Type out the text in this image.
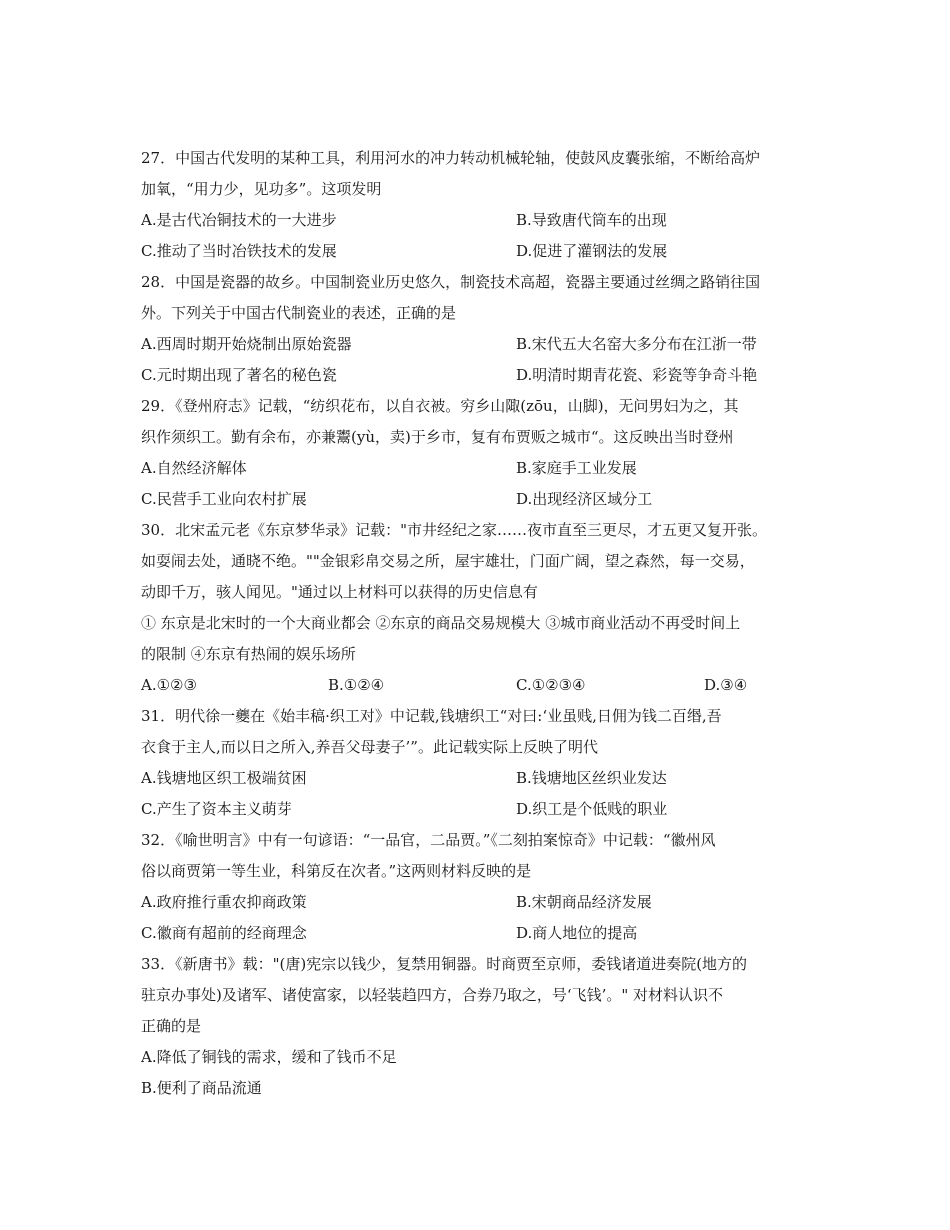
27．中国古代发明的某种工具，利用河水的冲力转动机械轮轴，使鼓风皮囊张缩，不断给高炉
加氧，“用力少，见功多”。这项发明
A.是古代冶铜技术的一大进步	B.导致唐代筒车的出现
C.推动了当时冶铁技术的发展	D.促进了灌钢法的发展
28．中国是瓷器的故乡。中国制瓷业历史悠久，制瓷技术高超，瓷器主要通过丝绸之路销往国
外。下列关于中国古代制瓷业的表述，正确的是
A.西周时期开始烧制出原始瓷器	B.宋代五大名窑大多分布在江浙一带
C.元时期出现了著名的秘色瓷	D.明清时期青花瓷、彩瓷等争奇斗艳
29．《登州府志》记载，“纺织花布，以自衣被。穷乡山陬(zōu，山脚)，无问男妇为之，其
织作须织工。勤有余布，亦兼鬻(yù，卖)于乡市，复有布贾贩之城市“。这反映出当时登州
A.自然经济解体	B.家庭手工业发展
C.民营手工业向农村扩展	D.出现经济区域分工
30．北宋孟元老《东京梦华录》记载："市井经纪之家……夜市直至三更尽，才五更又复开张。
如耍闹去处，通晓不绝。""金银彩帛交易之所，屋宇雄壮，门面广阔，望之森然，每一交易，
动即千万，骇人闻见。"通过以上材料可以获得的历史信息有
① 东京是北宋时的一个大商业都会 ②东京的商品交易规模大 ③城市商业活动不再受时间上
的限制 ④东京有热闹的娱乐场所
A.①②③	B.①②④	C.①②③④	D.③④
31．明代徐一夔在《始丰稿·织工对》中记载,钱塘织工“对曰:‘业虽贱,日佣为钱二百缗,吾
衣食于主人,而以日之所入,养吾父母妻子’”。此记载实际上反映了明代
A.钱塘地区织工极端贫困	B.钱塘地区丝织业发达
C.产生了资本主义萌芽	D.织工是个低贱的职业
32．《喻世明言》中有一句谚语：“一品官，二品贾。”《二刻拍案惊奇》中记载：“徽州风
俗以商贾第一等生业，科第反在次者。”这两则材料反映的是
A.政府推行重农抑商政策	B.宋朝商品经济发展
C.徽商有超前的经商理念	D.商人地位的提高
33．《新唐书》载："(唐)宪宗以钱少，复禁用铜器。时商贾至京师，委钱诸道进奏院(地方的
驻京办事处)及诸军、诸使富家，以轻装趋四方，合券乃取之，号‘飞钱’。" 对材料认识不
正确的是
A.降低了铜钱的需求，缓和了钱币不足
B.便利了商品流通
